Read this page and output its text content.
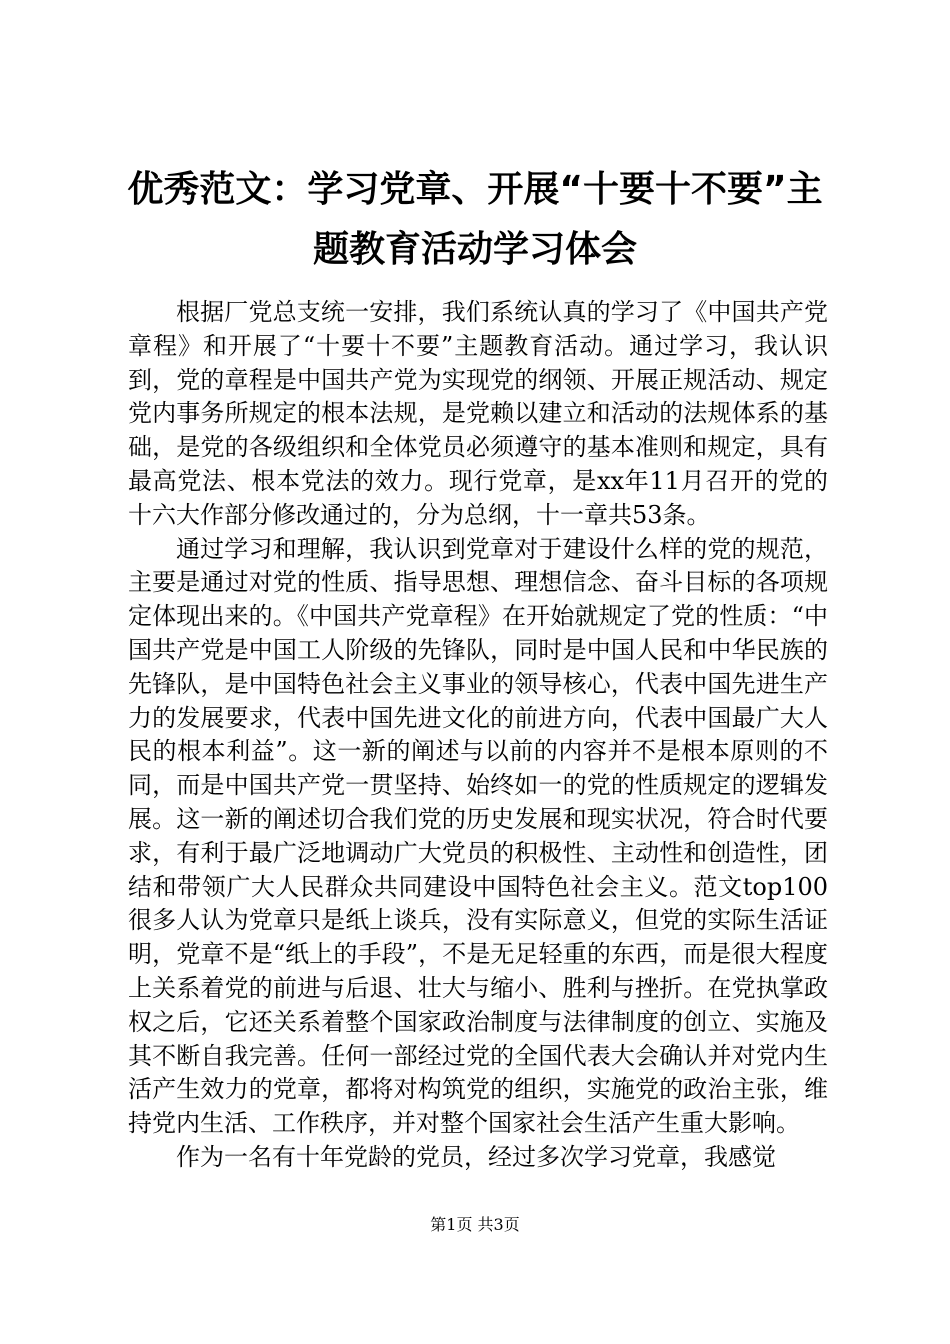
优秀范文：学习党章、开展“十要十不要”主题教育活动学习体会

根据厂党总支统一安排，我们系统认真的学习了《中国共产党章程》和开展了“十要十不要”主题教育活动。通过学习，我认识到，党的章程是中国共产党为实现党的纲领、开展正规活动、规定党内事务所规定的根本法规，是党赖以建立和活动的法规体系的基础，是党的各级组织和全体党员必须遵守的基本准则和规定，具有最高党法、根本党法的效力。现行党章，是xx年11月召开的党的十六大作部分修改通过的，分为总纲，十一章共53条。

通过学习和理解，我认识到党章对于建设什么样的党的规范，主要是通过对党的性质、指导思想、理想信念、奋斗目标的各项规定体现出来的。《中国共产党章程》在开始就规定了党的性质：“中国共产党是中国工人阶级的先锋队，同时是中国人民和中华民族的先锋队，是中国特色社会主义事业的领导核心，代表中国先进生产力的发展要求，代表中国先进文化的前进方向，代表中国最广大人民的根本利益”。这一新的阐述与以前的内容并不是根本原则的不同，而是中国共产党一贯坚持、始终如一的党的性质规定的逻辑发展。这一新的阐述切合我们党的历史发展和现实状况，符合时代要求，有利于最广泛地调动广大党员的积极性、主动性和创造性，团结和带领广大人民群众共同建设中国特色社会主义。范文top100很多人认为党章只是纸上谈兵，没有实际意义，但党的实际生活证明，党章不是“纸上的手段”，不是无足轻重的东西，而是很大程度上关系着党的前进与后退、壮大与缩小、胜利与挫折。在党执掌政权之后，它还关系着整个国家政治制度与法律制度的创立、实施及其不断自我完善。任何一部经过党的全国代表大会确认并对党内生活产生效力的党章，都将对构筑党的组织，实施党的政治主张，维持党内生活、工作秩序，并对整个国家社会生活产生重大影响。

作为一名有十年党龄的党员，经过多次学习党章，我感觉

第1页 共3页
